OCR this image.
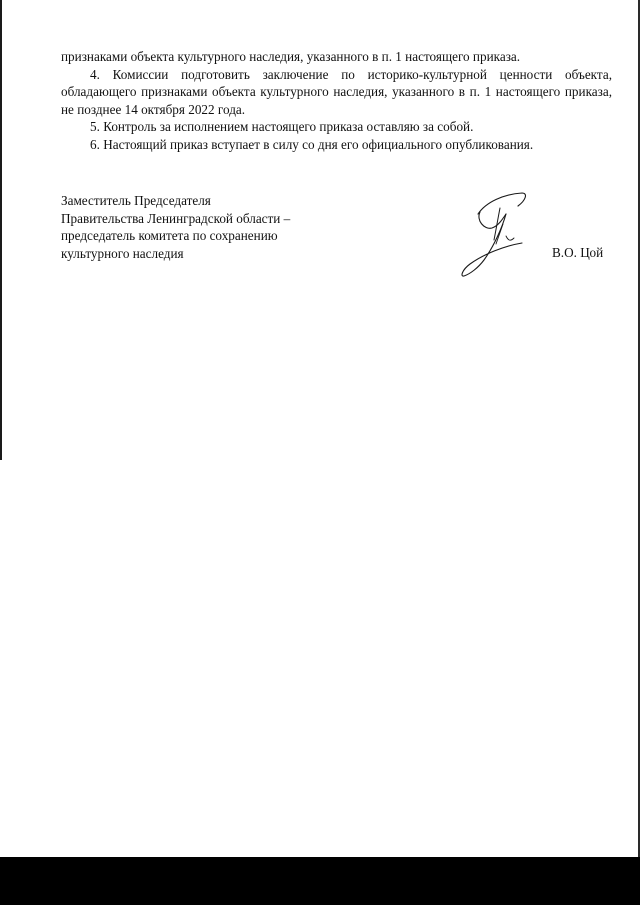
признаками объекта культурного наследия, указанного в п. 1 настоящего приказа.

4. Комиссии подготовить заключение по историко-культурной ценности объекта, обладающего признаками объекта культурного наследия, указанного в п. 1 настоящего приказа, не позднее 14 октября 2022 года.

5. Контроль за исполнением настоящего приказа оставляю за собой.

6. Настоящий приказ вступает в силу со дня его официального опубликования.

Заместитель Председателя
Правительства Ленинградской области –
председатель комитета по сохранению
культурного наследия	В.О. Цой
